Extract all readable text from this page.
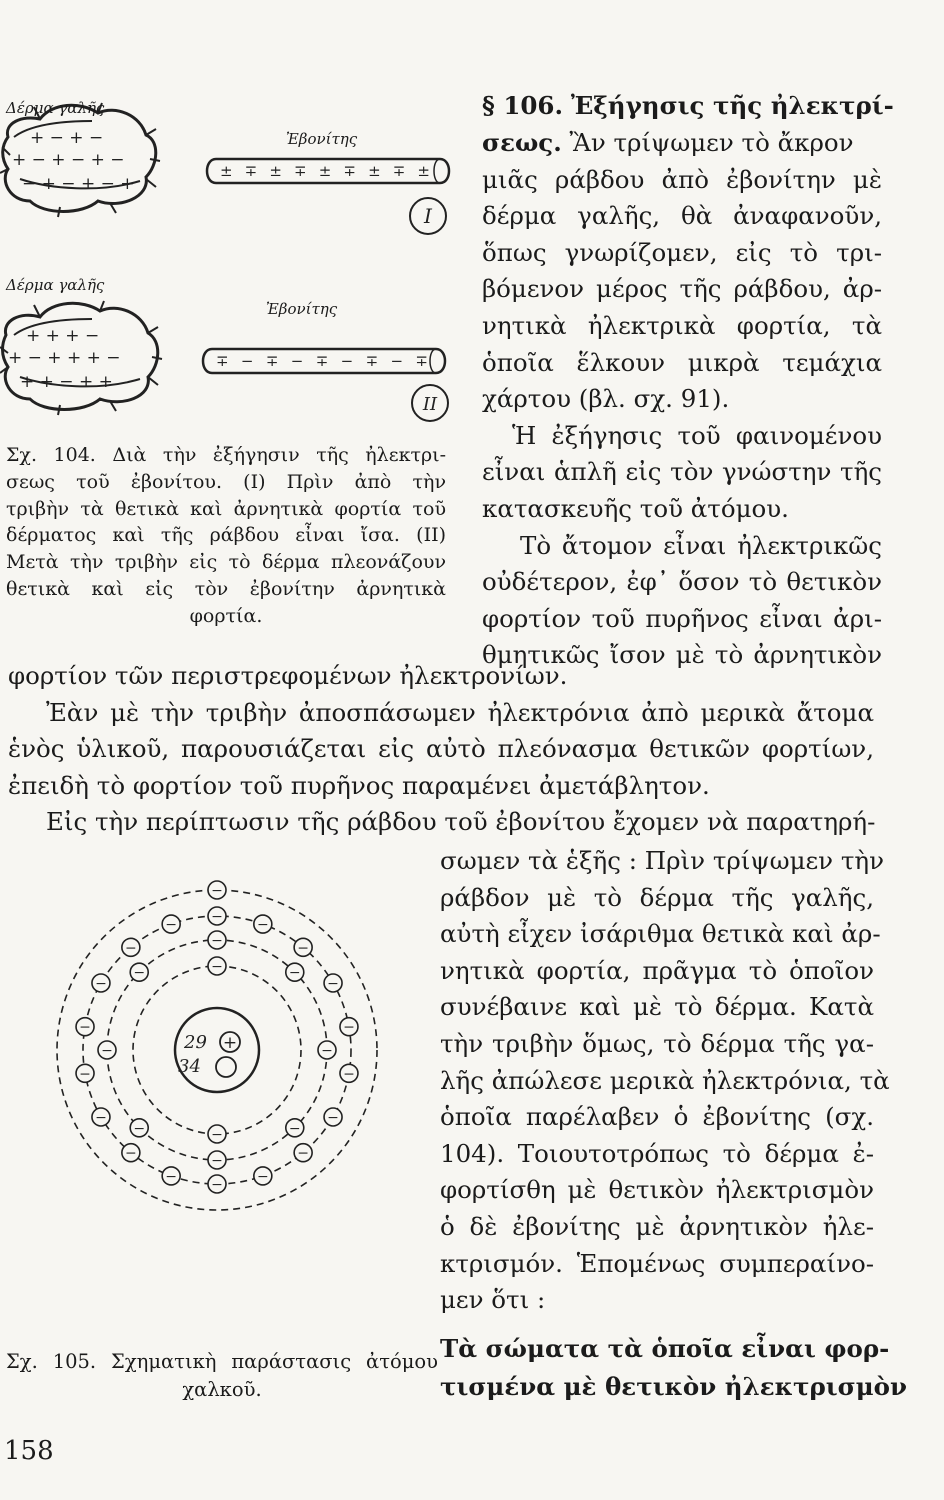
+ − + −
+ − + − + −
− + − + − +
± ∓ ± ∓ ± ∓ ± ∓ ±
I
+ + + −
+ − + + + −
+ + − + +
∓ − ∓ − ∓ − ∓ − ∓
II
Δέρμα γαλῆς
Ἐβονίτης
Δέρμα γαλῆς
Ἐβονίτης
Σχ. 104. Διὰ τὴν ἐξήγησιν τῆς ἠλεκτρι-
σεως τοῦ ἐβονίτου. (I) Πρὶν ἀπὸ τὴν
τριβὴν τὰ θετικὰ καὶ ἀρνητικὰ φορτία τοῦ
δέρματος καὶ τῆς ράβδου εἶναι ἴσα. (II)
Μετὰ τὴν τριβὴν εἰς τὸ δέρμα πλεονάζουν
θετικὰ καὶ εἰς τὸν ἐβονίτην ἀρνητικὰ
φορτία.
§ 106. Ἐξήγησις τῆς ἠλεκτρί-
σεως. Ἂν τρίψωμεν τὸ ἄκρον
μιᾶς ράβδου ἀπὸ ἐβονίτην μὲ
δέρμα γαλῆς, θὰ ἀναφανοῦν,
ὅπως γνωρίζομεν, εἰς τὸ τρι-
βόμενον μέρος τῆς ράβδου, ἀρ-
νητικὰ ἠλεκτρικὰ φορτία, τὰ
ὁποῖα ἕλκουν μικρὰ τεμάχια
χάρτου (βλ. σχ. 91).
Ἡ ἐξήγησις τοῦ φαινομένου
εἶναι ἁπλῆ εἰς τὸν γνώστην τῆς
κατασκευῆς τοῦ ἀτόμου.
Τὸ ἄτομον εἶναι ἠλεκτρικῶς
οὐδέτερον, ἐφ᾽ ὅσον τὸ θετικὸν
φορτίον τοῦ πυρῆνος εἶναι ἀρι-
θμητικῶς ἴσον μὲ τὸ ἀρνητικὸν
φορτίον τῶν περιστρεφομένων ἠλεκτρονίων.
Ἐὰν μὲ τὴν τριβὴν ἀποσπάσωμεν ἠλεκτρόνια ἀπὸ μερικὰ ἄτομα
ἑνὸς ὑλικοῦ, παρουσιάζεται εἰς αὐτὸ πλεόνασμα θετικῶν φορτίων,
ἐπειδὴ τὸ φορτίον τοῦ πυρῆνος παραμένει ἀμετάβλητον.
Εἰς τὴν περίπτωσιν τῆς ράβδου τοῦ ἐβονίτου ἔχομεν νὰ παρατηρή-
29
34
+
−
−
−
−
−
−
−
−
−
−
−
−
−
−
−
−
−
−
−
−
−
−
−
−
−
−
−
−
−
Σχ. 105. Σχηματικὴ παράστασις ἀτόμου
χαλκοῦ.
σωμεν τὰ ἑξῆς : Πρὶν τρίψωμεν τὴν
ράβδον μὲ τὸ δέρμα τῆς γαλῆς,
αὐτὴ εἶχεν ἰσάριθμα θετικὰ καὶ ἀρ-
νητικὰ φορτία, πρᾶγμα τὸ ὁποῖον
συνέβαινε καὶ μὲ τὸ δέρμα. Κατὰ
τὴν τριβὴν ὅμως, τὸ δέρμα τῆς γα-
λῆς ἀπώλεσε μερικὰ ἠλεκτρόνια, τὰ
ὁποῖα παρέλαβεν ὁ ἐβονίτης (σχ.
104). Τοιουτοτρόπως τὸ δέρμα ἐ-
φορτίσθη μὲ θετικὸν ἠλεκτρισμὸν
ὁ δὲ ἐβονίτης μὲ ἀρνητικὸν ἠλε-
κτρισμόν. Ἑπομένως συμπεραίνο-
μεν ὅτι :
Τὰ σώματα τὰ ὁποῖα εἶναι φορ-
τισμένα μὲ θετικὸν ἠλεκτρισμὸν
158
